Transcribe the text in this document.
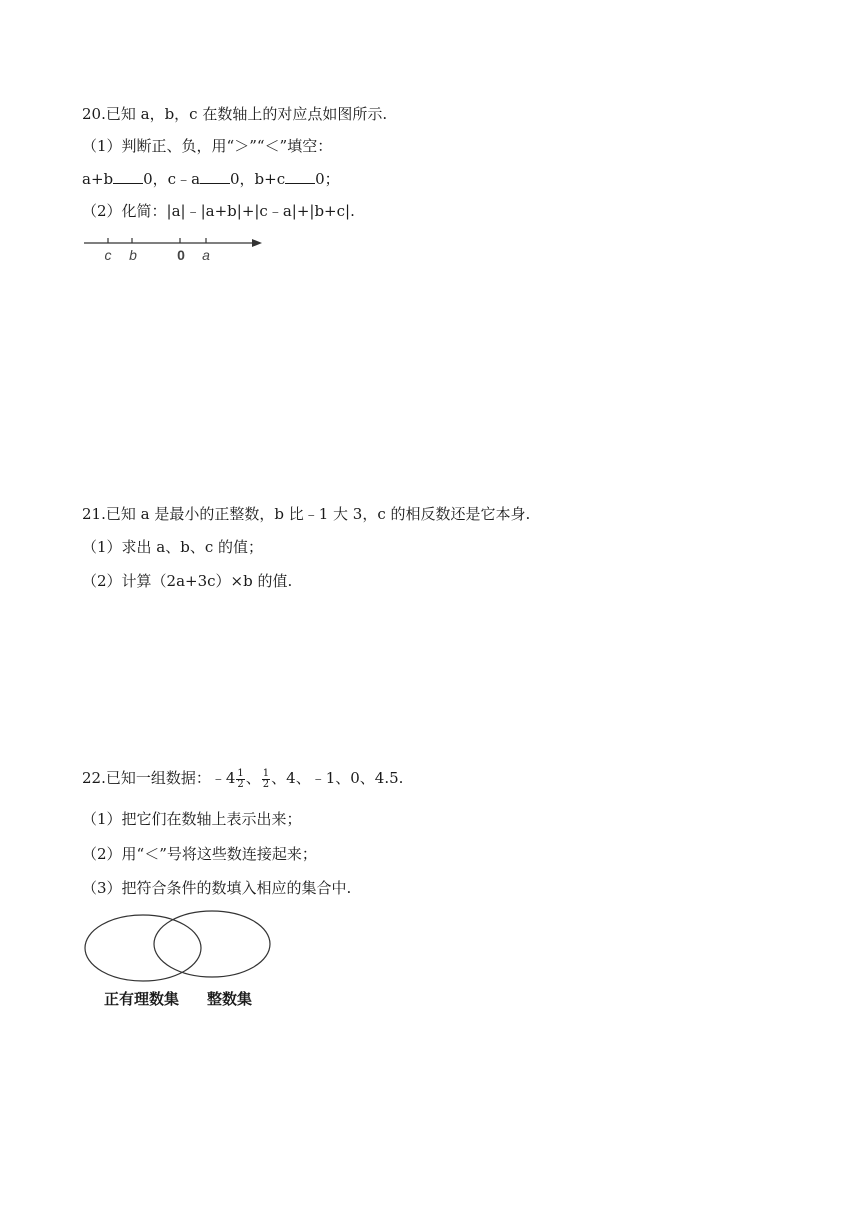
20.已知 a，b，c 在数轴上的对应点如图所示.
（1）判断正、负，用“＞”“＜”填空：
a+b 0，c﹣a 0，b+c 0；
（2）化简：|a|﹣|a+b|+|c﹣a|+|b+c|.
c b	0 a
21.已知 a 是最小的正整数，b 比﹣1 大 3，c 的相反数还是它本身.
（1）求出 a、b、c 的值；
（2）计算（2a+3c）×b 的值.
22.已知一组数据：﹣4 $\frac{1}{2}$ 、 $\frac{1}{2}$ 、4、﹣1、0、4.5.
（1）把它们在数轴上表示出来；
（2）用“＜”号将这些数连接起来；
（3）把符合条件的数填入相应的集合中.
正有理数集 整数集
